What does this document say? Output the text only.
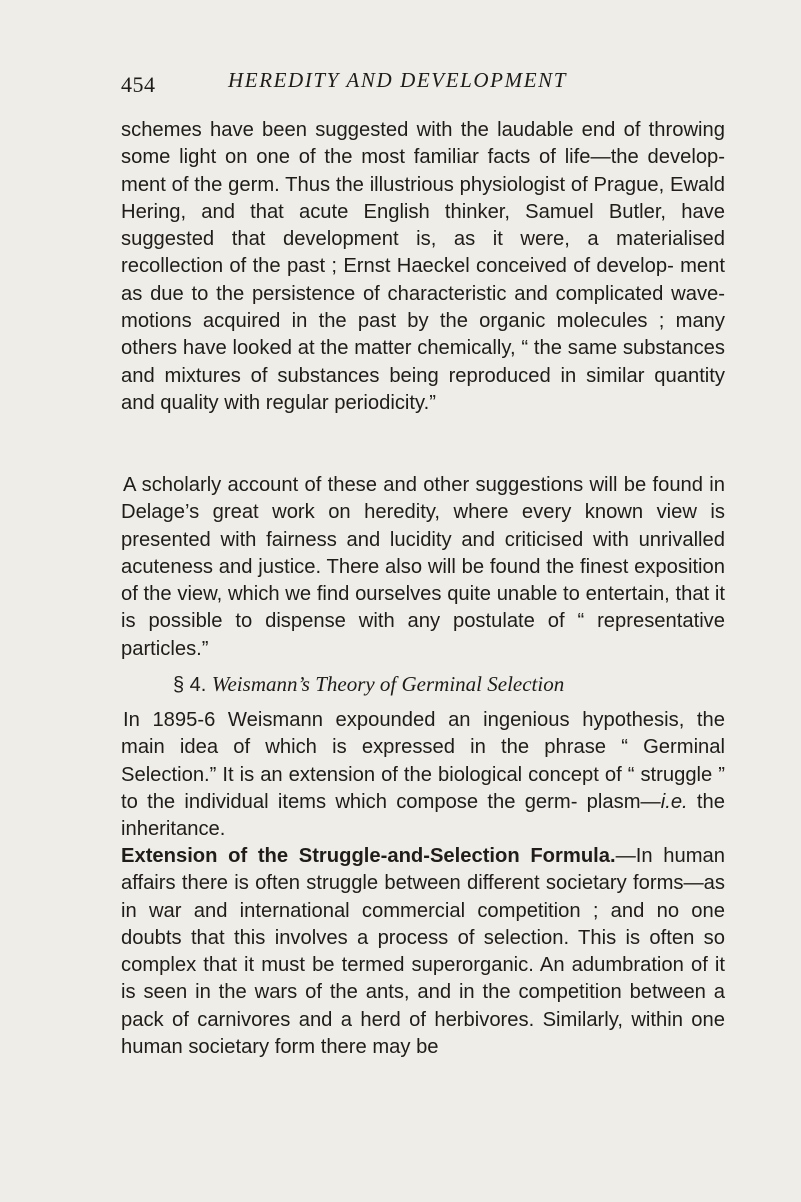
454	HEREDITY AND DEVELOPMENT

schemes have been suggested with the laudable end of throwing some light on one of the most familiar facts of life—the develop- ment of the germ. Thus the illustrious physiologist of Prague, Ewald Hering, and that acute English thinker, Samuel Butler, have suggested that development is, as it were, a materialised recollection of the past ; Ernst Haeckel conceived of develop- ment as due to the persistence of characteristic and complicated wave-motions acquired in the past by the organic molecules ; many others have looked at the matter chemically, “ the same substances and mixtures of substances being reproduced in similar quantity and quality with regular periodicity.”

A scholarly account of these and other suggestions will be found in Delage’s great work on heredity, where every known view is presented with fairness and lucidity and criticised with unrivalled acuteness and justice. There also will be found the finest exposition of the view, which we find ourselves quite unable to entertain, that it is possible to dispense with any postulate of “ representative particles.”

§ 4. Weismann’s Theory of Germinal Selection

In 1895-6 Weismann expounded an ingenious hypothesis, the main idea of which is expressed in the phrase “ Germinal Selection.” It is an extension of the biological concept of “ struggle ” to the individual items which compose the germ- plasm—i.e. the inheritance.

Extension of the Struggle-and-Selection Formula.—In human affairs there is often struggle between different societary forms—as in war and international commercial competition ; and no one doubts that this involves a process of selection. This is often so complex that it must be termed superorganic. An adumbration of it is seen in the wars of the ants, and in the competition between a pack of carnivores and a herd of herbivores. Similarly, within one human societary form there may be
